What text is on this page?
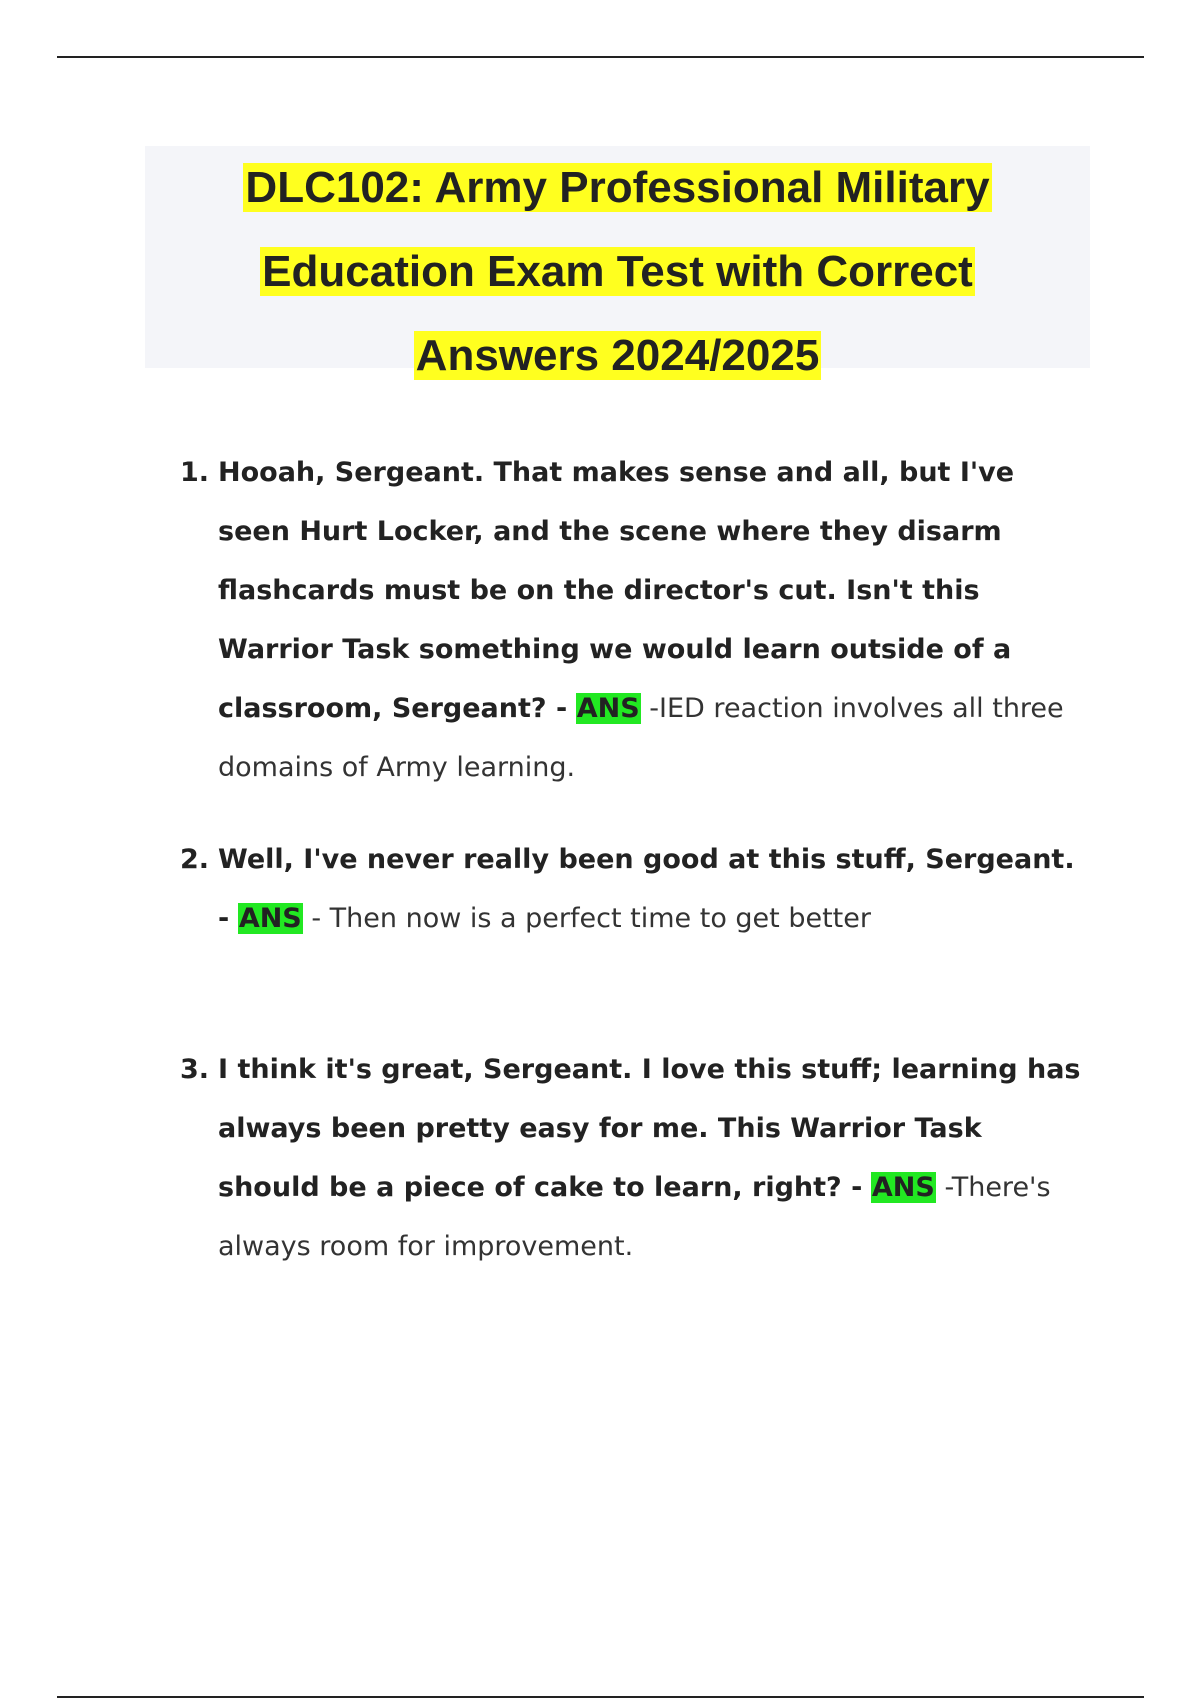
DLC102: Army Professional Military
Education Exam Test with Correct
Answers 2024/2025
1. Hooah, Sergeant. That makes sense and all, but I've seen Hurt Locker, and the scene where they disarm flashcards must be on the director's cut. Isn't this Warrior Task something we would learn outside of a classroom, Sergeant? - ANS -IED reaction involves all three domains of Army learning.
2. Well, I've never really been good at this stuff, Sergeant. - ANS - Then now is a perfect time to get better
3. I think it's great, Sergeant. I love this stuff; learning has always been pretty easy for me. This Warrior Task should be a piece of cake to learn, right? - ANS -There's always room for improvement.
